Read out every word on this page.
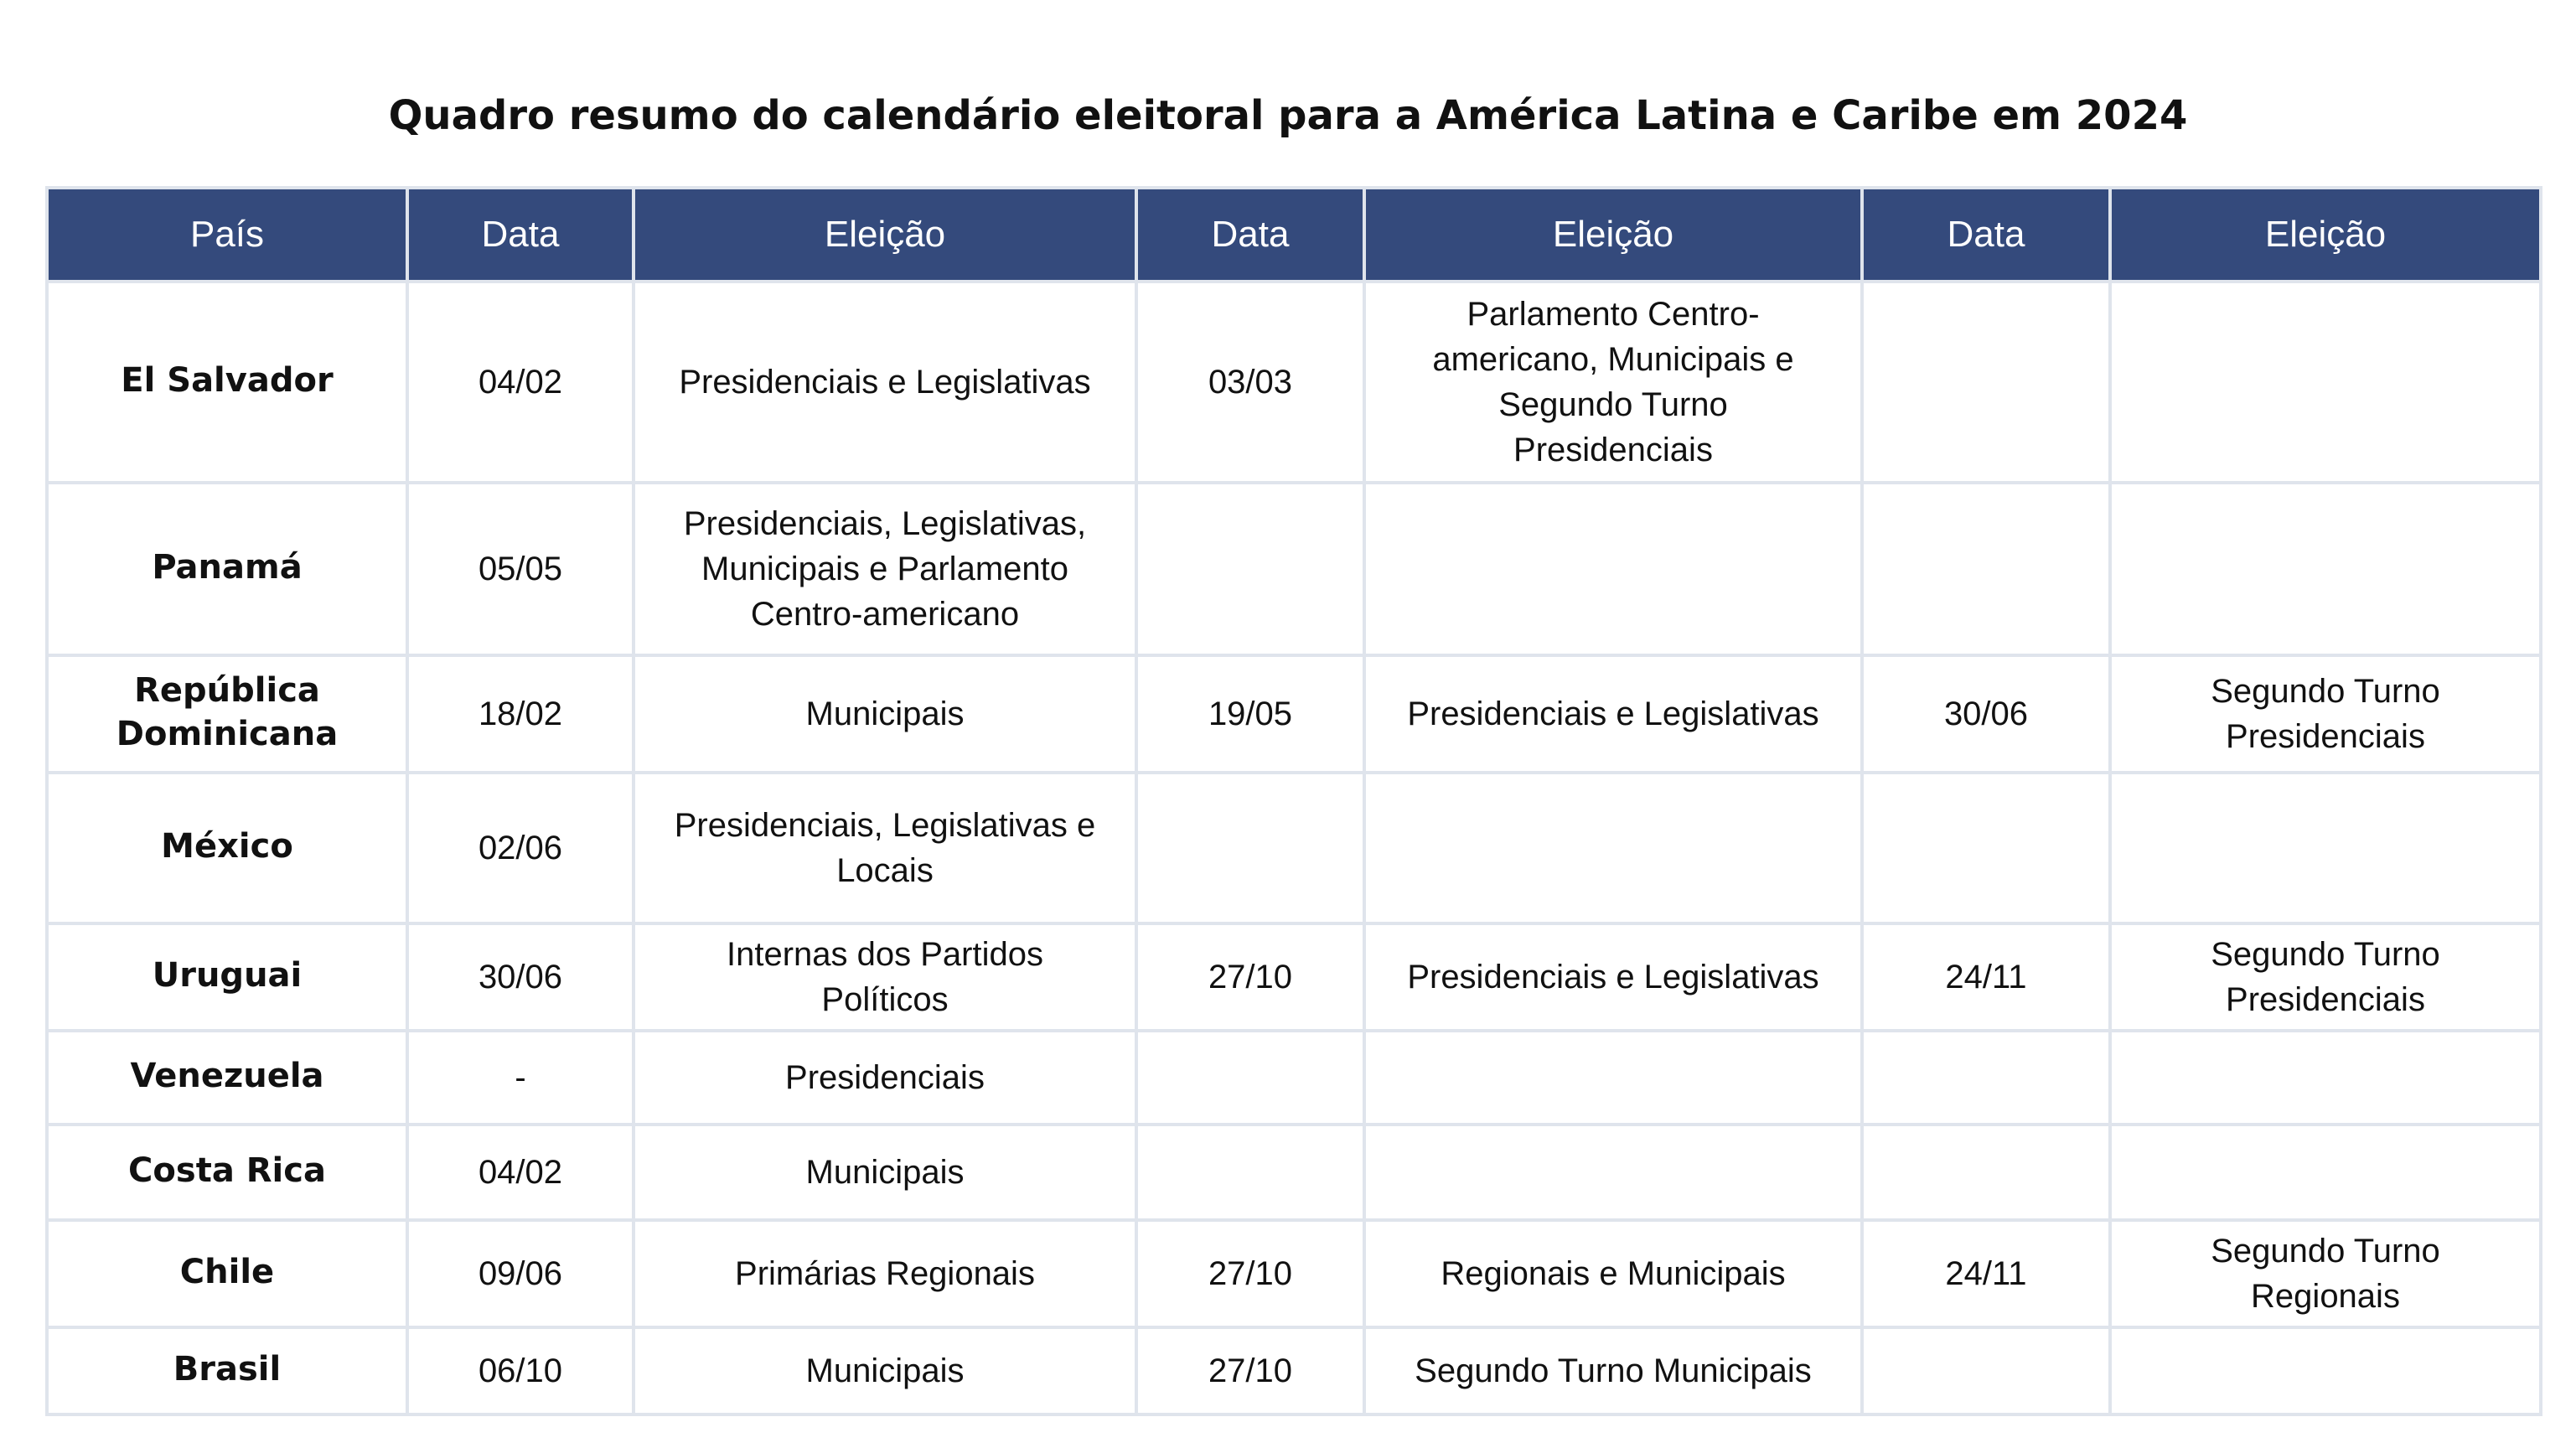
Quadro resumo do calendário eleitoral para a América Latina e Caribe em 2024
País	Data	Eleição	Data	Eleição	Data	Eleição
El Salvador	04/02	Presidenciais e Legislativas	03/03	Parlamento Centro-americano, Municipais e Segundo Turno Presidenciais		
Panamá	05/05	Presidenciais, Legislativas, Municipais e Parlamento Centro-americano				
República Dominicana	18/02	Municipais	19/05	Presidenciais e Legislativas	30/06	Segundo Turno Presidenciais
México	02/06	Presidenciais, Legislativas e Locais				
Uruguai	30/06	Internas dos Partidos Políticos	27/10	Presidenciais e Legislativas	24/11	Segundo Turno Presidenciais
Venezuela	-	Presidenciais				
Costa Rica	04/02	Municipais				
Chile	09/06	Primárias Regionais	27/10	Regionais e Municipais	24/11	Segundo Turno Regionais
Brasil	06/10	Municipais	27/10	Segundo Turno Municipais		
